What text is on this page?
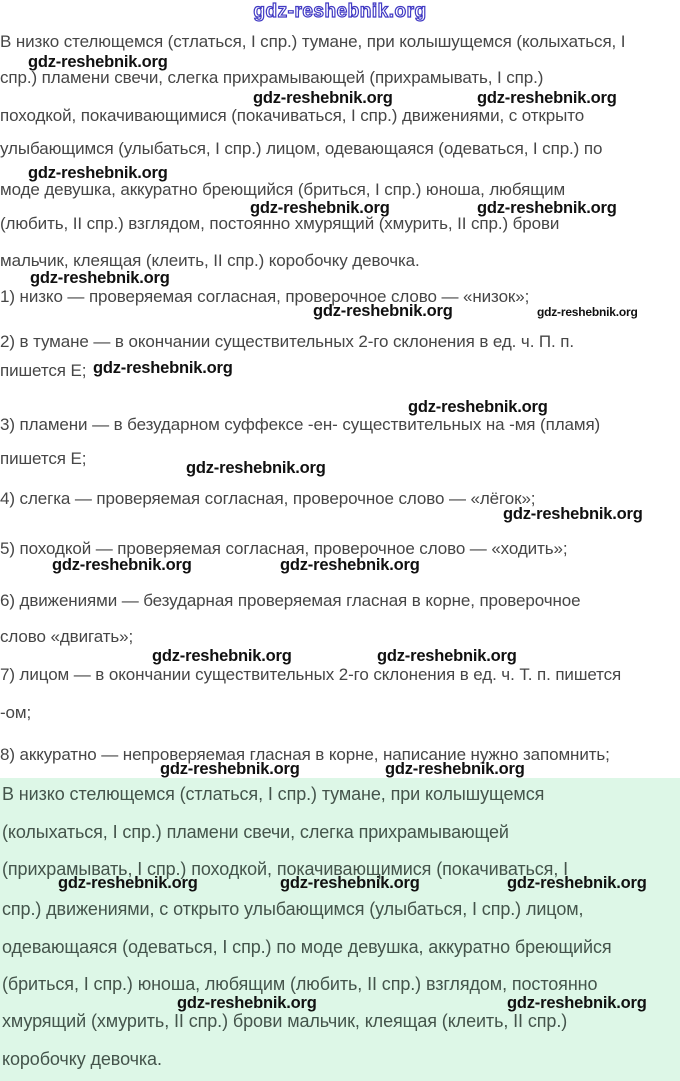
gdz-reshebnik.org
В низко стелющемся (стлаться, I спр.) тумане, при колышущемся (колыхаться, I
спр.) пламени свечи, слегка прихрамывающей (прихрамывать, I спр.)
походкой, покачивающимися (покачиваться, I спр.) движениями, с открыто
улыбающимся (улыбаться, I спр.) лицом, одевающаяся (одеваться, I спр.) по
моде девушка, аккуратно бреющийся (бриться, I спр.) юноша, любящим
(любить, II спр.) взглядом, постоянно хмурящий (хмурить, II спр.) брови
мальчик, клеящая (клеить, II спр.) коробочку девочка.
1) низко — проверяемая согласная, проверочное слово — «низок»;
2) в тумане — в окончании существительных 2-го склонения в ед. ч. П. п.
пишется Е;
3) пламени — в безударном суффексе -ен- существительных на -мя (пламя)
пишется Е;
4) слегка — проверяемая согласная, проверочное слово — «лёгок»;
5) походкой — проверяемая согласная, проверочное слово — «ходить»;
6) движениями — безударная проверяемая гласная в корне, проверочное
слово «двигать»;
7) лицом — в окончании существительных 2-го склонения в ед. ч. Т. п. пишется
-ом;
8) аккуратно — непроверяемая гласная в корне, написание нужно запомнить;
gdz-reshebnik.org
gdz-reshebnik.org	gdz-reshebnik.org
gdz-reshebnik.org
gdz-reshebnik.org	gdz-reshebnik.org
gdz-reshebnik.org
gdz-reshebnik.org	gdz-reshebnik.org
gdz-reshebnik.org
gdz-reshebnik.org
gdz-reshebnik.org
gdz-reshebnik.org
gdz-reshebnik.org	gdz-reshebnik.org
gdz-reshebnik.org	gdz-reshebnik.org
gdz-reshebnik.org	gdz-reshebnik.org
В низко стелющемся (стлаться, I спр.) тумане, при колышущемся
(колыхаться, I спр.) пламени свечи, слегка прихрамывающей
(прихрамывать, I спр.) походкой, покачивающимися (покачиваться, I
спр.) движениями, с открыто улыбающимся (улыбаться, I спр.) лицом,
одевающаяся (одеваться, I спр.) по моде девушка, аккуратно бреющийся
(бриться, I спр.) юноша, любящим (любить, II спр.) взглядом, постоянно
хмурящий (хмурить, II спр.) брови мальчик, клеящая (клеить, II спр.)
коробочку девочка.
gdz-reshebnik.org	gdz-reshebnik.org	gdz-reshebnik.org
gdz-reshebnik.org	gdz-reshebnik.org
